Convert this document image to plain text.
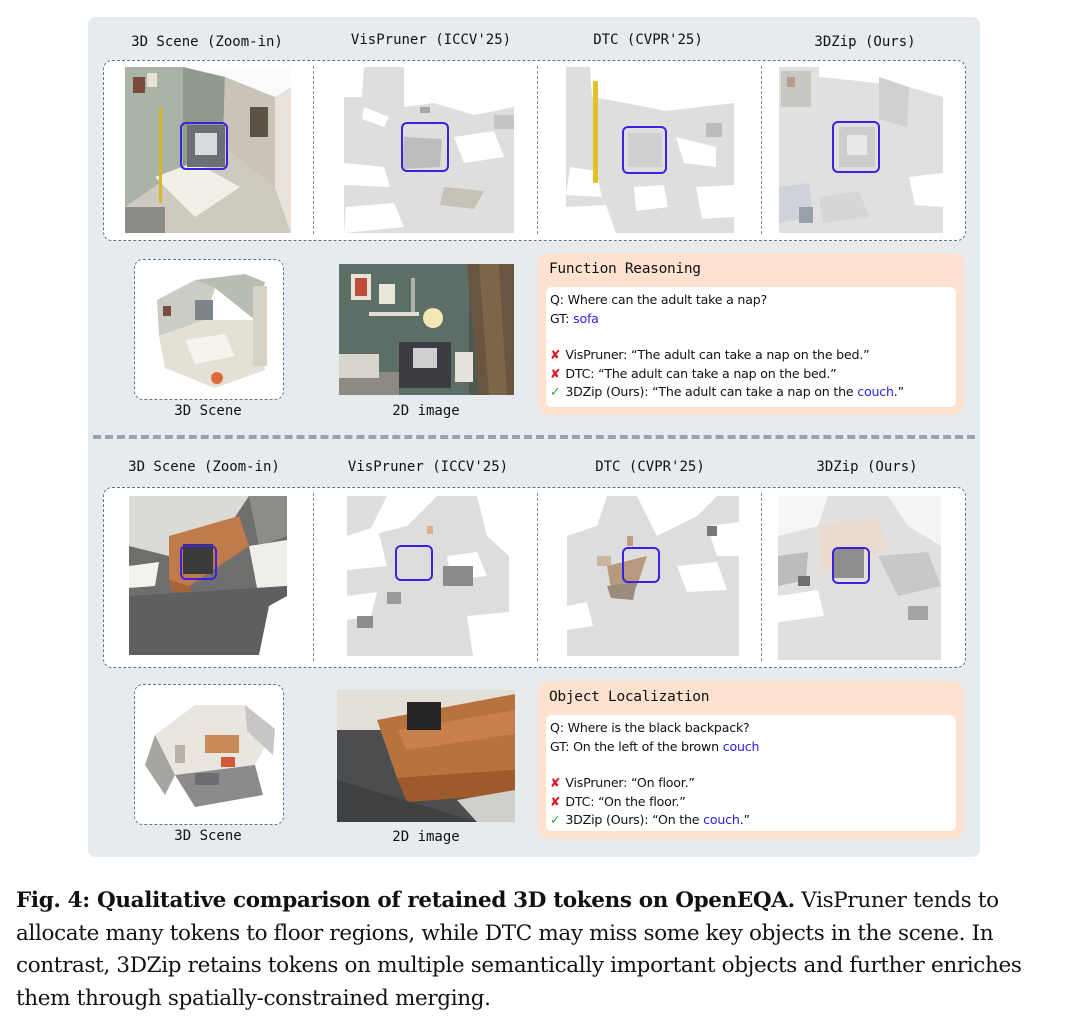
3D Scene (Zoom-in)	VisPruner (ICCV'25)	DTC (CVPR'25)	3DZip (Ours)
3D Scene	2D image
Function Reasoning
Q: Where can the adult take a nap?
GT: sofa
✘ VisPruner: “The adult can take a nap on the bed.”
✘ DTC: “The adult can take a nap on the bed.”
✓ 3DZip (Ours): “The adult can take a nap on the couch.”
3D Scene (Zoom-in)	VisPruner (ICCV'25)	DTC (CVPR'25)	3DZip (Ours)
3D Scene	2D image
Object Localization
Q: Where is the black backpack?
GT: On the left of the brown couch
✘ VisPruner: “On floor.”
✘ DTC: “On the floor.”
✓ 3DZip (Ours): “On the couch.”
Fig. 4: Qualitative comparison of retained 3D tokens on OpenEQA. VisPruner tends to allocate many tokens to floor regions, while DTC may miss some key objects in the scene. In contrast, 3DZip retains tokens on multiple semantically important objects and further enriches them through spatially-constrained merging.
